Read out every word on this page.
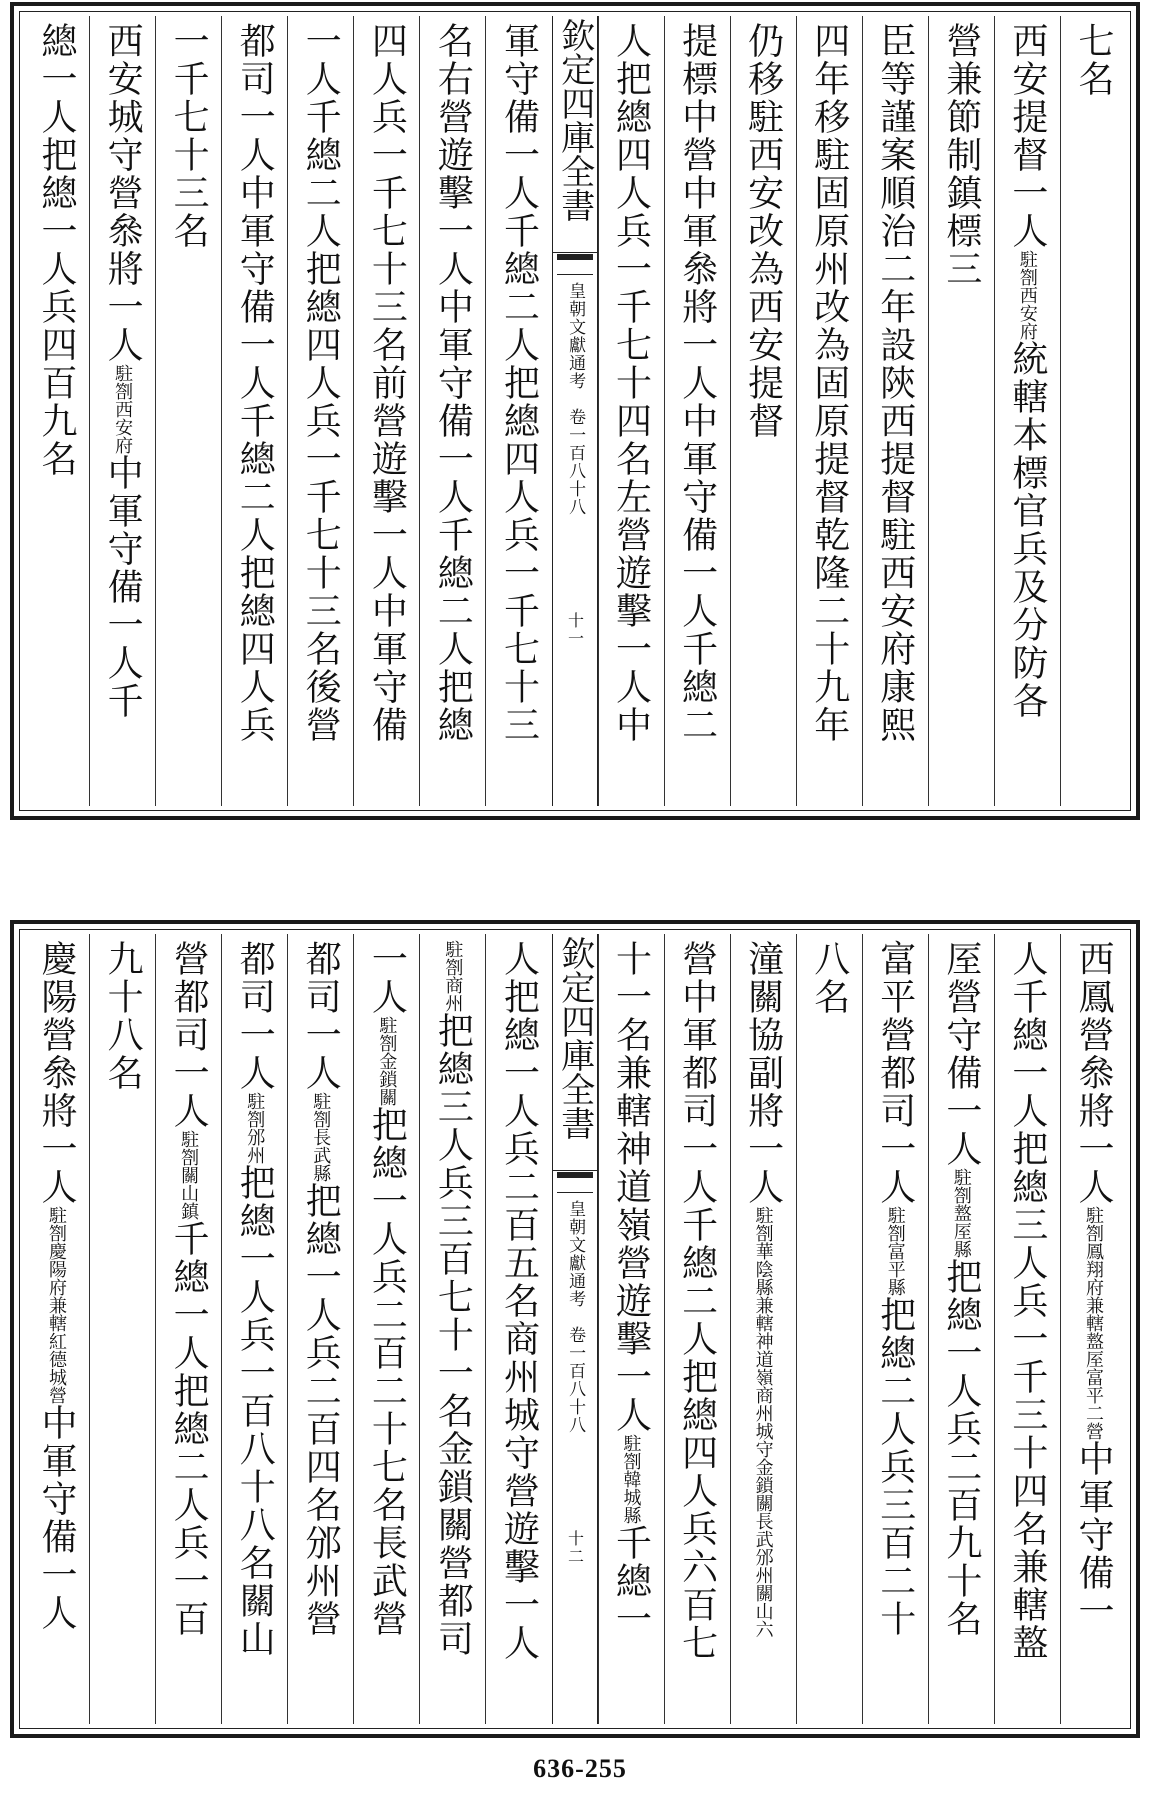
七名
西安提督一人駐劄西安府統轄本標官兵及分防各
營兼節制鎮標三
臣等謹案順治二年設陝西提督駐西安府康熙
四年移駐固原州改為固原提督乾隆二十九年
仍移駐西安改為西安提督
提標中營中軍叅將一人中軍守備一人千總二
人把總四人兵一千七十四名左營遊擊一人中
欽定四庫全書
皇朝文獻通考　卷一百八十八
十一
軍守備一人千總二人把總四人兵一千七十三
名右營遊擊一人中軍守備一人千總二人把總
四人兵一千七十三名前營遊擊一人中軍守備
一人千總二人把總四人兵一千七十三名後營
都司一人中軍守備一人千總二人把總四人兵
一千七十三名
西安城守營叅將一人駐劄西安府中軍守備一人千
總一人把總一人兵四百九名
西鳳營叅將一人駐劄鳳翔府兼轄盩厔富平二營中軍守備一
人千總一人把總三人兵一千三十四名兼轄盩
厔營守備一人駐劄盩厔縣把總一人兵二百九十名
富平營都司一人駐劄富平縣把總二人兵三百二十
八名
潼關協副將一人駐劄華陰縣兼轄神道嶺商州城守金鎖關長武邠州關山六
營中軍都司一人千總二人把總四人兵六百七
十一名兼轄神道嶺營遊擊一人駐劄韓城縣千總一
欽定四庫全書
皇朝文獻通考　卷一百八十八
十二
人把總一人兵二百五名商州城守營遊擊一人
駐劄商州把總三人兵三百七十一名金鎖關營都司
一人駐劄金鎖關把總一人兵二百二十七名長武營
都司一人駐劄長武縣把總一人兵二百四名邠州營
都司一人駐劄邠州把總一人兵一百八十八名關山
營都司一人駐劄關山鎮千總一人把總二人兵一百
九十八名
慶陽營叅將一人駐劄慶陽府兼轄紅德城營中軍守備一人
636-255
